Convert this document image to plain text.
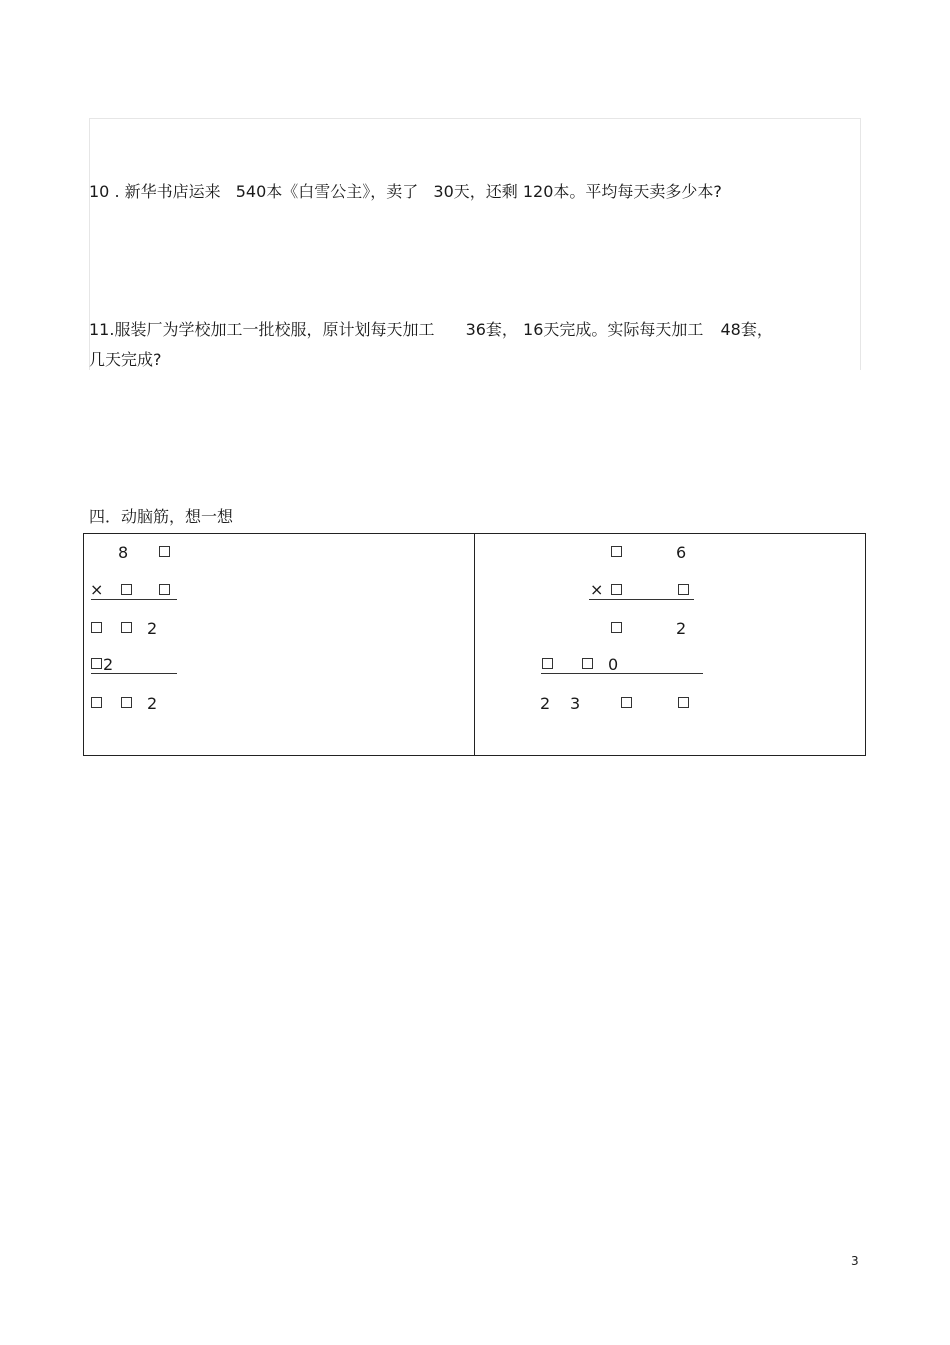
10 . 新华书店运来 540本《白雪公主》，卖了 30天，还剩 120本。平均每天卖多少本?
11.服装厂为学校加工一批校服，原计划每天加工 36套， 16天完成。实际每天加工 48套，
几天完成?
四．动脑筋，想一想
8
×
2
2
2
6
×
2
0
2 3
3
